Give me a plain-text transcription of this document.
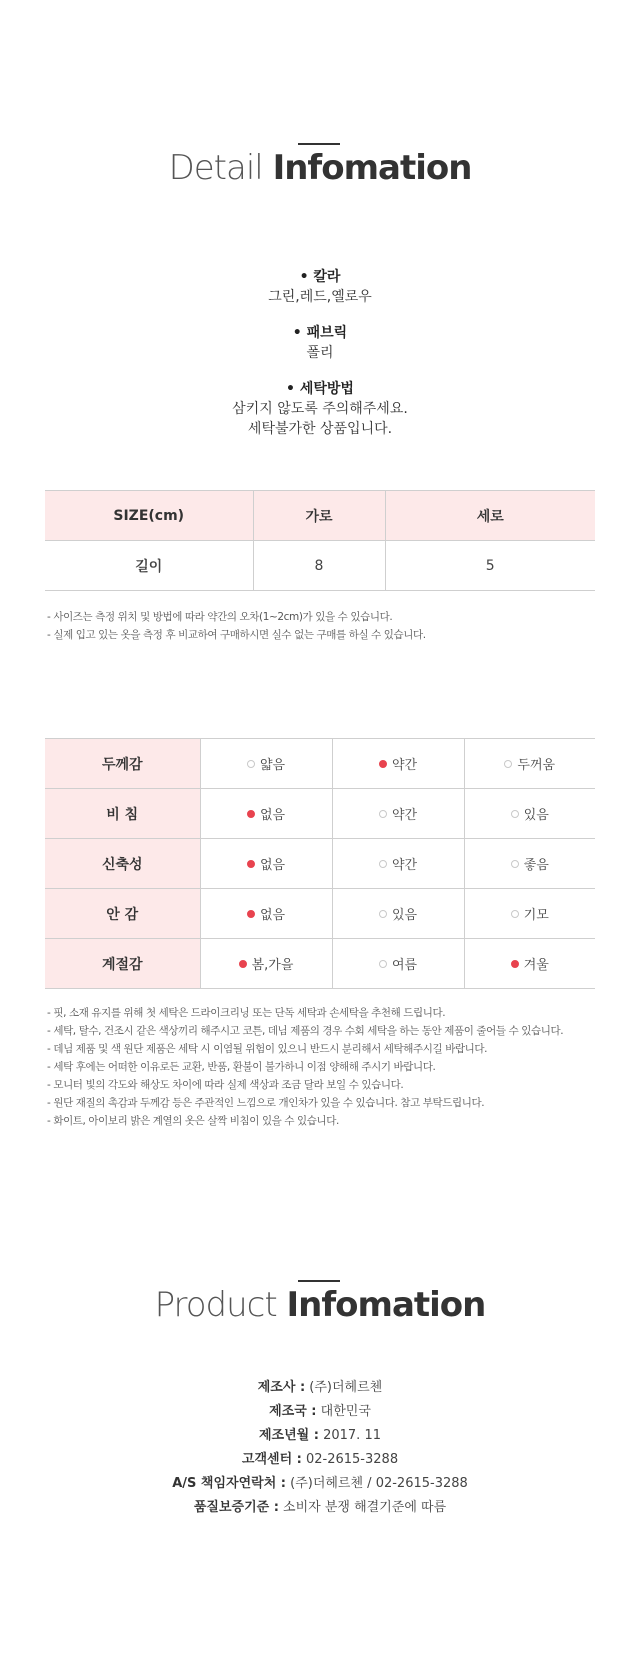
Detail Infomation
• 칼라
그린,레드,옐로우
• 패브릭
폴리
• 세탁방법
삼키지 않도록 주의해주세요.
세탁불가한 상품입니다.
SIZE(cm)	가로	세로
길이	8	5
- 사이즈는 측정 위치 및 방법에 따라 약간의 오차(1~2cm)가 있을 수 있습니다.
- 실제 입고 있는 옷을 측정 후 비교하여 구매하시면 실수 없는 구매를 하실 수 있습니다.
두께감	얇음	약간	두꺼움

비 침	없음	약간	있음

신축성	없음	약간	좋음

안 감	없음	있음	기모

계절감	봄,가을	여름	겨울
- 핏, 소재 유지를 위해 첫 세탁은 드라이크리닝 또는 단독 세탁과 손세탁을 추천해 드립니다.
- 세탁, 탈수, 건조시 같은 색상끼리 해주시고 코튼, 데님 제품의 경우 수회 세탁을 하는 동안 제품이 줄어들 수 있습니다.
- 데님 제품 및 색 원단 제품은 세탁 시 이염될 위험이 있으니 반드시 분리해서 세탁해주시길 바랍니다.
- 세탁 후에는 어떠한 이유로든 교환, 반품, 환불이 불가하니 이점 양해해 주시기 바랍니다.
- 모니터 빛의 각도와 해상도 차이에 따라 실제 색상과 조금 달라 보일 수 있습니다.
- 원단 재질의 촉감과 두께감 등은 주관적인 느낌으로 개인차가 있을 수 있습니다. 참고 부탁드립니다.
- 화이트, 아이보리 밝은 계열의 옷은 살짝 비침이 있을 수 있습니다.
Product Infomation
제조사 : (주)더헤르첸
제조국 : 대한민국
제조년월 : 2017. 11
고객센터 : 02-2615-3288
A/S 책임자연락처 : (주)더헤르첸 / 02-2615-3288
품질보증기준 : 소비자 분쟁 해결기준에 따름
